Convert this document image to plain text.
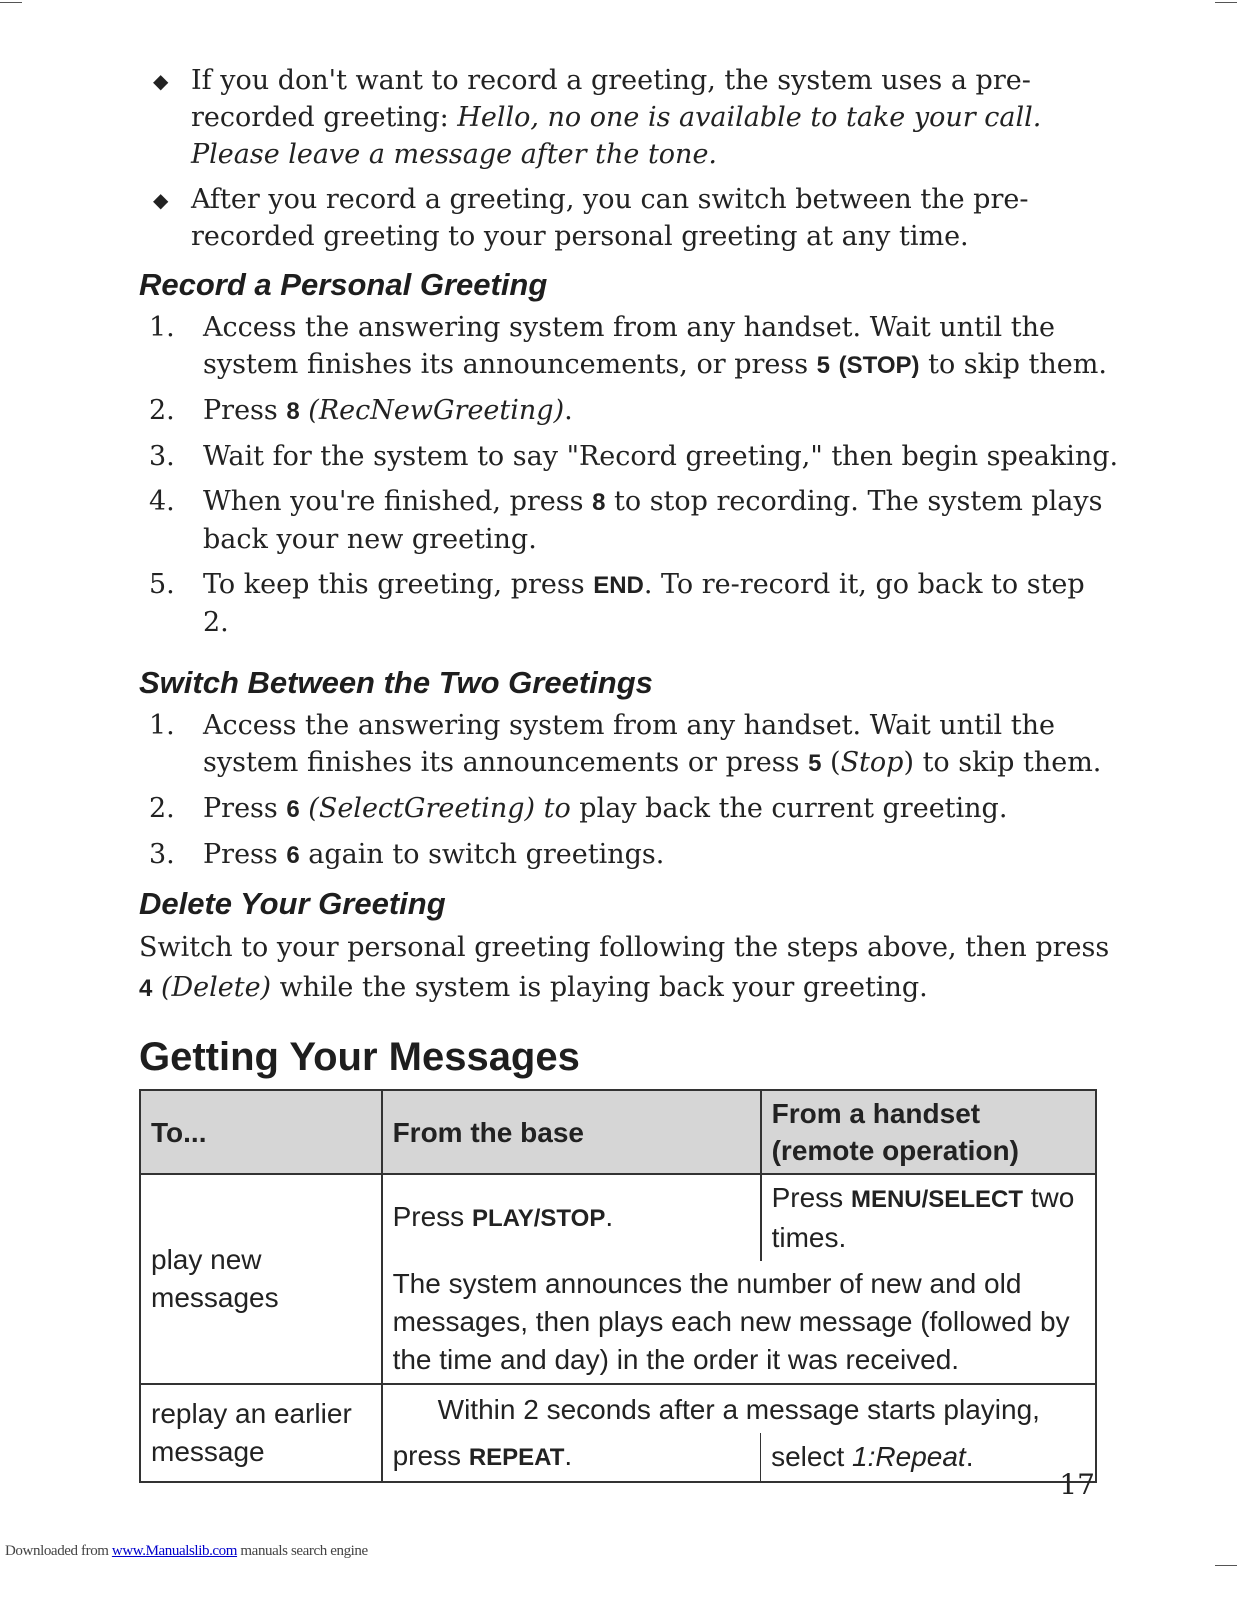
◆ If you don't want to record a greeting, the system uses a pre-recorded greeting: Hello, no one is available to take your call. Please leave a message after the tone.
◆ After you record a greeting, you can switch between the pre-recorded greeting to your personal greeting at any time.
Record a Personal Greeting
1. Access the answering system from any handset. Wait until the system finishes its announcements, or press 5 (STOP) to skip them.
2. Press 8 (RecNewGreeting).
3. Wait for the system to say "Record greeting," then begin speaking.
4. When you're finished, press 8 to stop recording. The system plays back your new greeting.
5. To keep this greeting, press END. To re-record it, go back to step 2.
Switch Between the Two Greetings
1. Access the answering system from any handset. Wait until the system finishes its announcements or press 5 (Stop) to skip them.
2. Press 6 (SelectGreeting) to play back the current greeting.
3. Press 6 again to switch greetings.
Delete Your Greeting
Switch to your personal greeting following the steps above, then press 4 (Delete) while the system is playing back your greeting.
Getting Your Messages
To...	From the base	From a handset (remote operation)
play new messages	Press PLAY/STOP.	Press MENU/SELECT two times.
	The system announces the number of new and old messages, then plays each new message (followed by the time and day) in the order it was received.	
replay an earlier message	Within 2 seconds after a message starts playing,	
	press REPEAT.	select 1:Repeat.
17
Downloaded from www.Manualslib.com manuals search engine
